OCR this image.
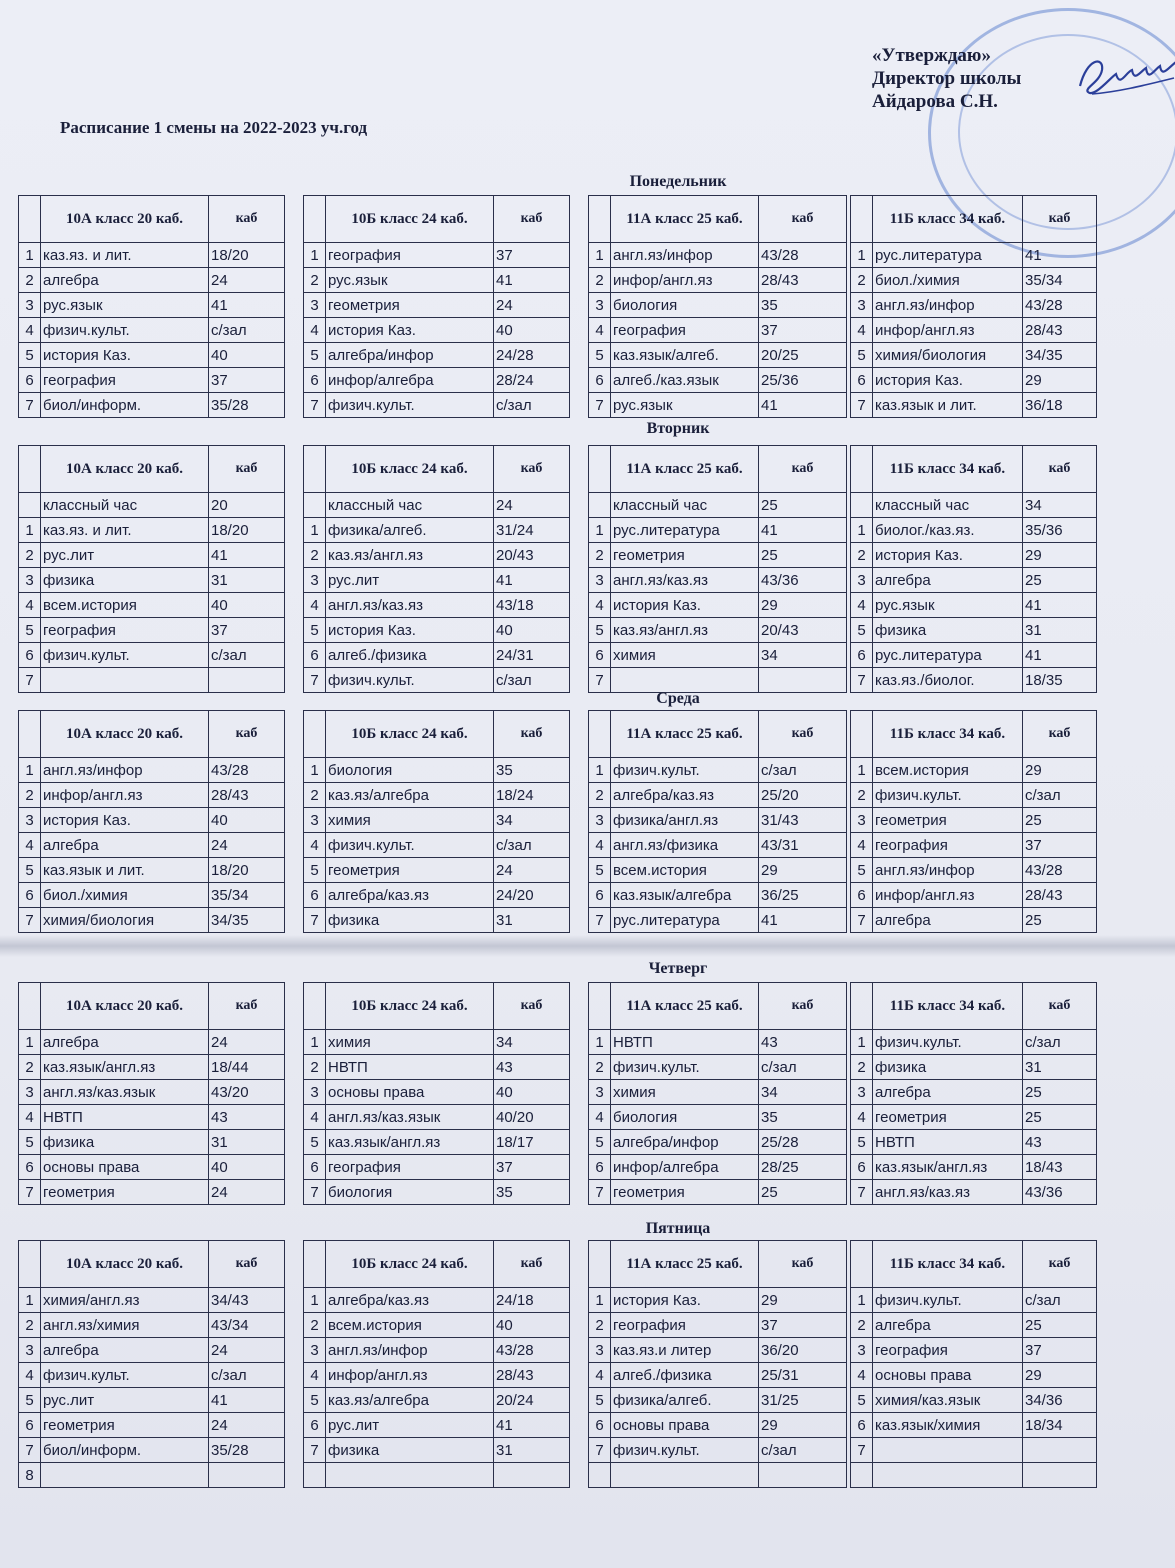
«Утверждаю»
Директор школы
Айдарова С.Н.
Расписание 1 смены на 2022-2023 уч.год
Понедельник
	10А класс 20 каб.	каб
1	каз.яз. и лит.	18/20
2	алгебра	24
3	рус.язык	41
4	физич.культ.	с/зал
5	история Каз.	40
6	география	37
7	биол/информ.	35/28
	10Б класс 24 каб.	каб
1	география	37
2	рус.язык	41
3	геометрия	24
4	история Каз.	40
5	алгебра/инфор	24/28
6	инфор/алгебра	28/24
7	физич.культ.	с/зал
	11А класс 25 каб.	каб
1	англ.яз/инфор	43/28
2	инфор/англ.яз	28/43
3	биология	35
4	география	37
5	каз.язык/алгеб.	20/25
6	алгеб./каз.язык	25/36
7	рус.язык	41
	11Б класс 34 каб.	каб
1	рус.литература	41
2	биол./химия	35/34
3	англ.яз/инфор	43/28
4	инфор/англ.яз	28/43
5	химия/биология	34/35
6	история Каз.	29
7	каз.язык и лит.	36/18
Вторник
	10А класс 20 каб.	каб
	классный час	20
1	каз.яз. и лит.	18/20
2	рус.лит	41
3	физика	31
4	всем.история	40
5	география	37
6	физич.культ.	с/зал
7		
	10Б класс 24 каб.	каб
	классный час	24
1	физика/алгеб.	31/24
2	каз.яз/англ.яз	20/43
3	рус.лит	41
4	англ.яз/каз.яз	43/18
5	история Каз.	40
6	алгеб./физика	24/31
7	физич.культ.	с/зал
	11А класс 25 каб.	каб
	классный час	25
1	рус.литература	41
2	геометрия	25
3	англ.яз/каз.яз	43/36
4	история Каз.	29
5	каз.яз/англ.яз	20/43
6	химия	34
7		
	11Б класс 34 каб.	каб
	классный час	34
1	биолог./каз.яз.	35/36
2	история Каз.	29
3	алгебра	25
4	рус.язык	41
5	физика	31
6	рус.литература	41
7	каз.яз./биолог.	18/35
Среда
	10А класс 20 каб.	каб
1	англ.яз/инфор	43/28
2	инфор/англ.яз	28/43
3	история Каз.	40
4	алгебра	24
5	каз.язык и лит.	18/20
6	биол./химия	35/34
7	химия/биология	34/35
	10Б класс 24 каб.	каб
1	биология	35
2	каз.яз/алгебра	18/24
3	химия	34
4	физич.культ.	с/зал
5	геометрия	24
6	алгебра/каз.яз	24/20
7	физика	31
	11А класс 25 каб.	каб
1	физич.культ.	с/зал
2	алгебра/каз.яз	25/20
3	физика/англ.яз	31/43
4	англ.яз/физика	43/31
5	всем.история	29
6	каз.язык/алгебра	36/25
7	рус.литература	41
	11Б класс 34 каб.	каб
1	всем.история	29
2	физич.культ.	с/зал
3	геометрия	25
4	география	37
5	англ.яз/инфор	43/28
6	инфор/англ.яз	28/43
7	алгебра	25
Четверг
	10А класс 20 каб.	каб
1	алгебра	24
2	каз.язык/англ.яз	18/44
3	англ.яз/каз.язык	43/20
4	НВТП	43
5	физика	31
6	основы права	40
7	геометрия	24
	10Б класс 24 каб.	каб
1	химия	34
2	НВТП	43
3	основы права	40
4	англ.яз/каз.язык	40/20
5	каз.язык/англ.яз	18/17
6	география	37
7	биология	35
	11А класс 25 каб.	каб
1	НВТП	43
2	физич.культ.	с/зал
3	химия	34
4	биология	35
5	алгебра/инфор	25/28
6	инфор/алгебра	28/25
7	геометрия	25
	11Б класс 34 каб.	каб
1	физич.культ.	с/зал
2	физика	31
3	алгебра	25
4	геометрия	25
5	НВТП	43
6	каз.язык/англ.яз	18/43
7	англ.яз/каз.яз	43/36
Пятница
	10А класс 20 каб.	каб
1	химия/англ.яз	34/43
2	англ.яз/химия	43/34
3	алгебра	24
4	физич.культ.	с/зал
5	рус.лит	41
6	геометрия	24
7	биол/информ.	35/28
8		
	10Б класс 24 каб.	каб
1	алгебра/каз.яз	24/18
2	всем.история	40
3	англ.яз/инфор	43/28
4	инфор/англ.яз	28/43
5	каз.яз/алгебра	20/24
6	рус.лит	41
7	физика	31

	11А класс 25 каб.	каб
1	история Каз.	29
2	география	37
3	каз.яз.и литер	36/20
4	алгеб./физика	25/31
5	физика/алгеб.	31/25
6	основы права	29
7	физич.культ.	с/зал

	11Б класс 34 каб.	каб
1	физич.культ.	с/зал
2	алгебра	25
3	география	37
4	основы права	29
5	химия/каз.язык	34/36
6	каз.язык/химия	18/34
7		
